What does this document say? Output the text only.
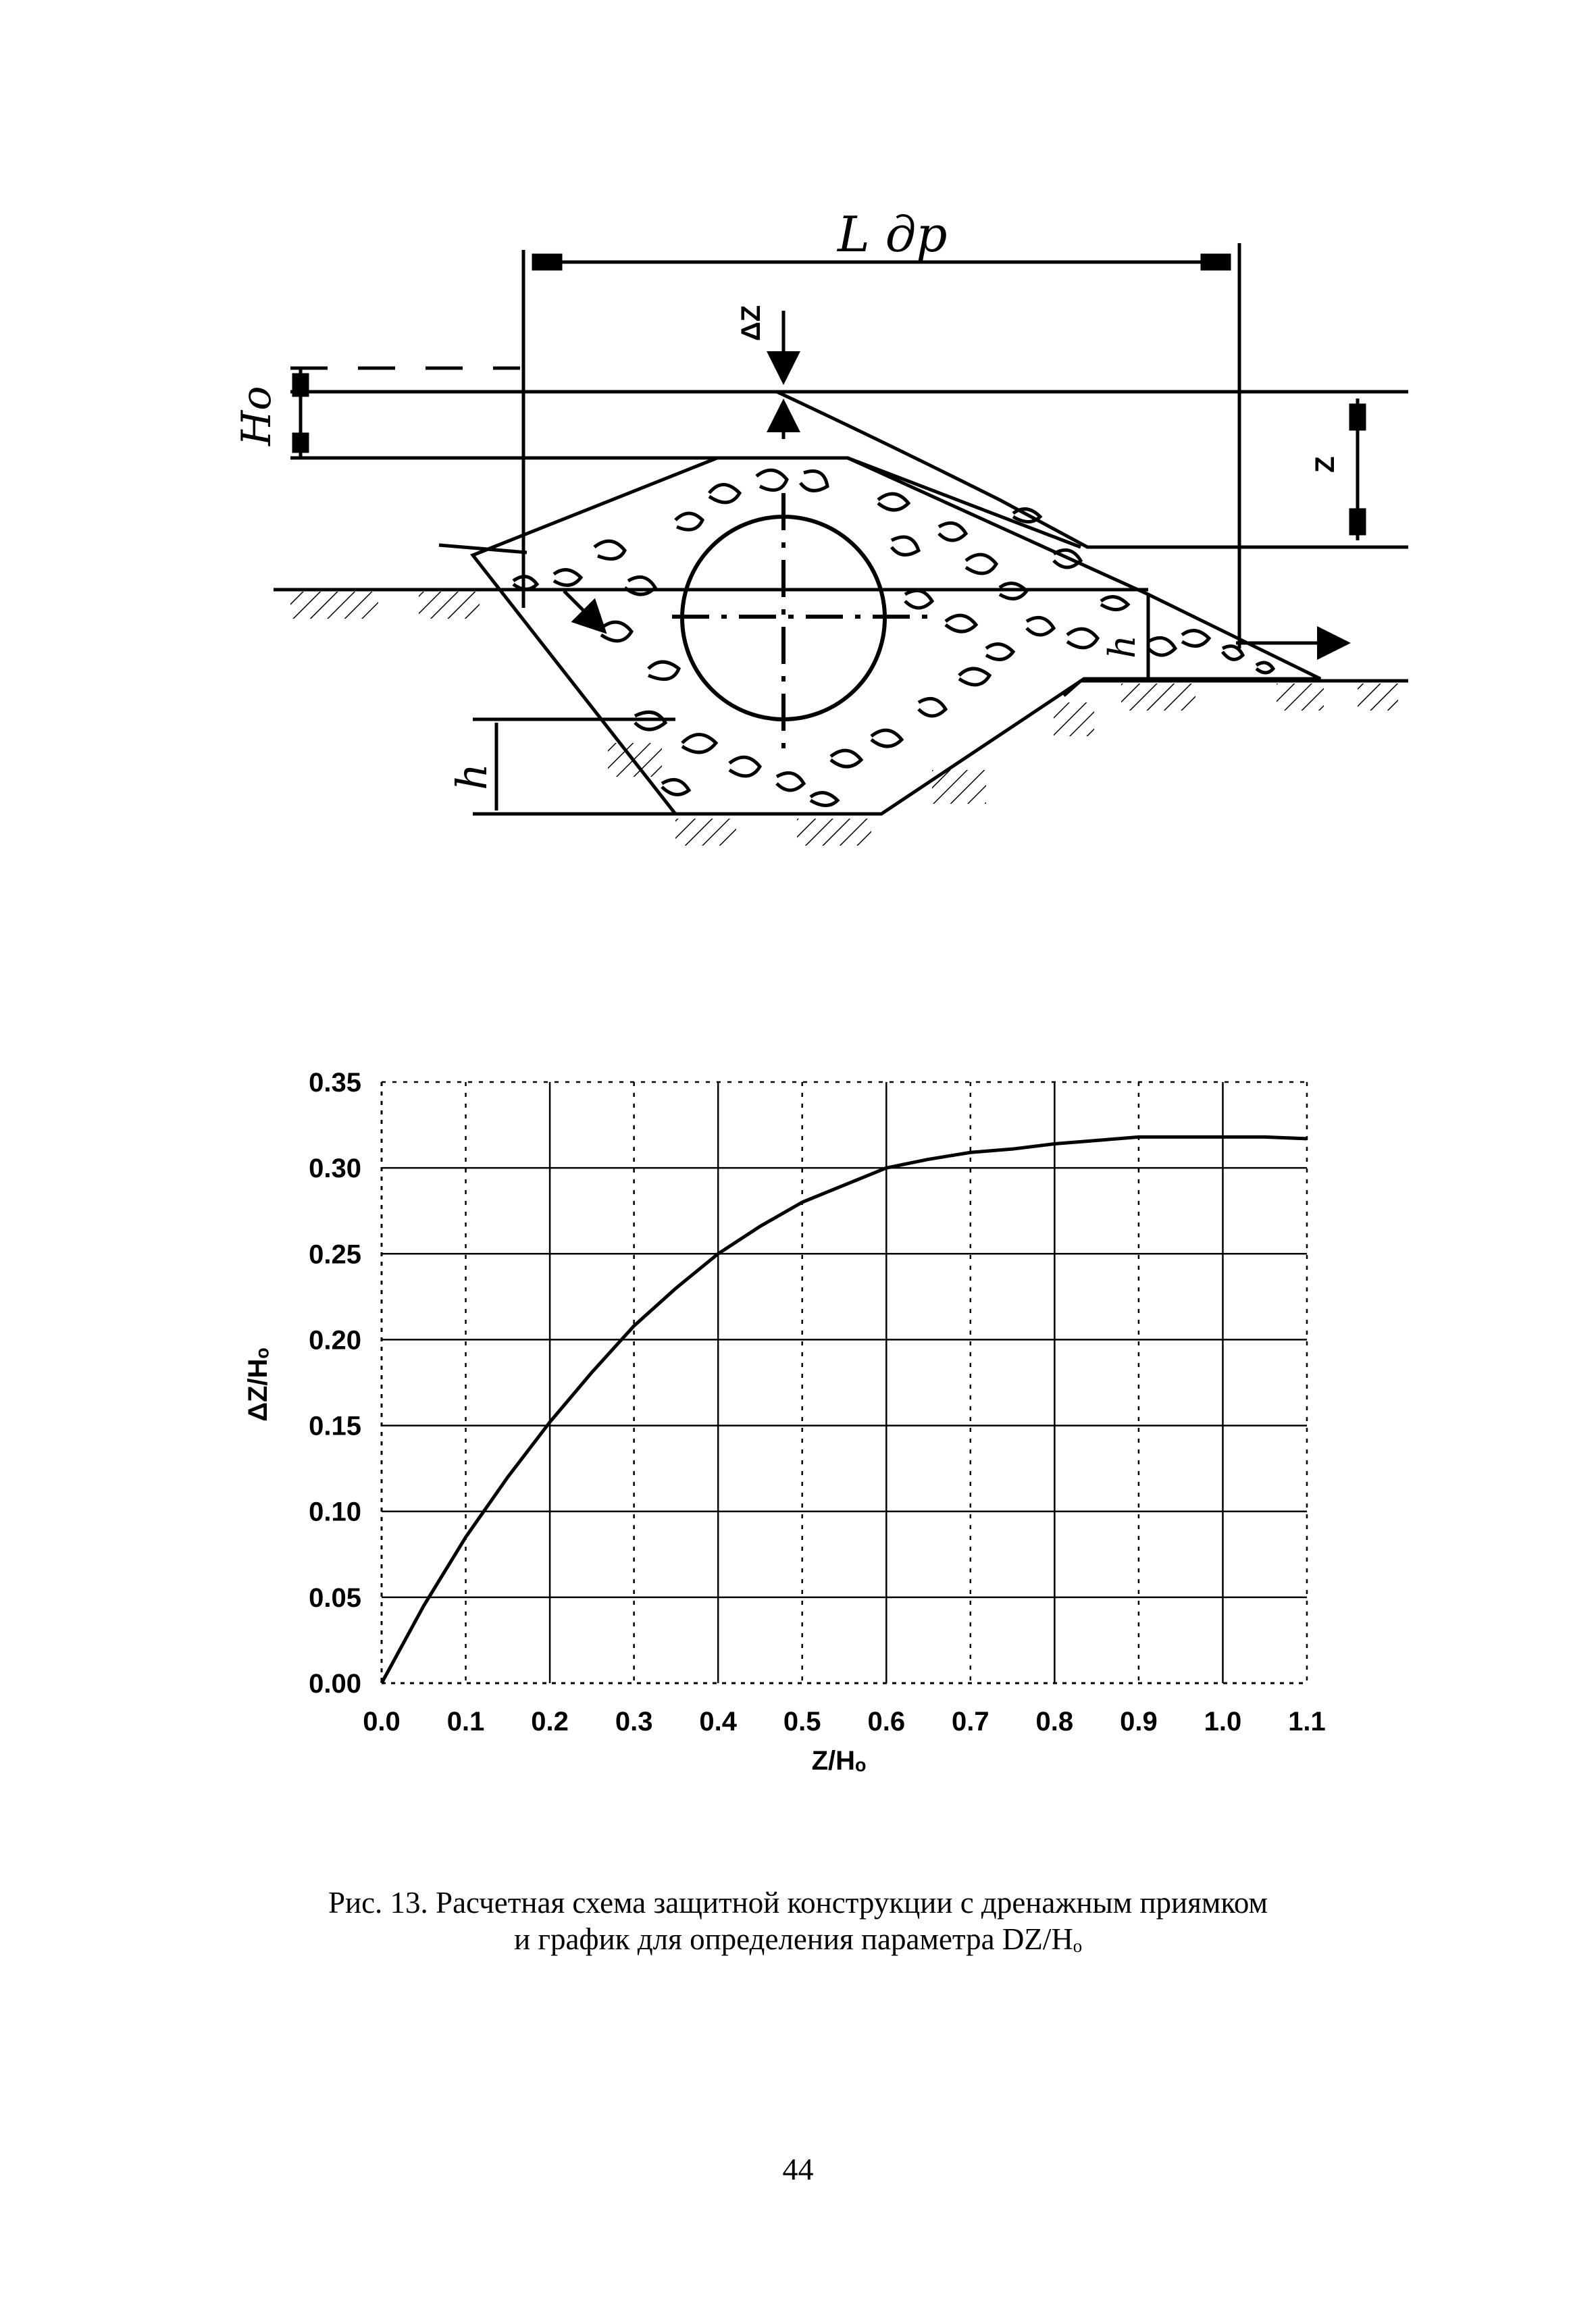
L др
ΔZ
Hо
Z
h
h
0.0 0.1 0.2 0.3 0.4 0.5 0.6 0.7 0.8 0.9 1.0 1.1
0.00
0.05
0.10
0.15
0.20
0.25
0.30
0.35
Z/Hₒ
ΔZ/Hₒ
Рис. 13. Расчетная схема защитной конструкции с дренажным приямком
и график для определения параметра DZ/Hₒ
44
